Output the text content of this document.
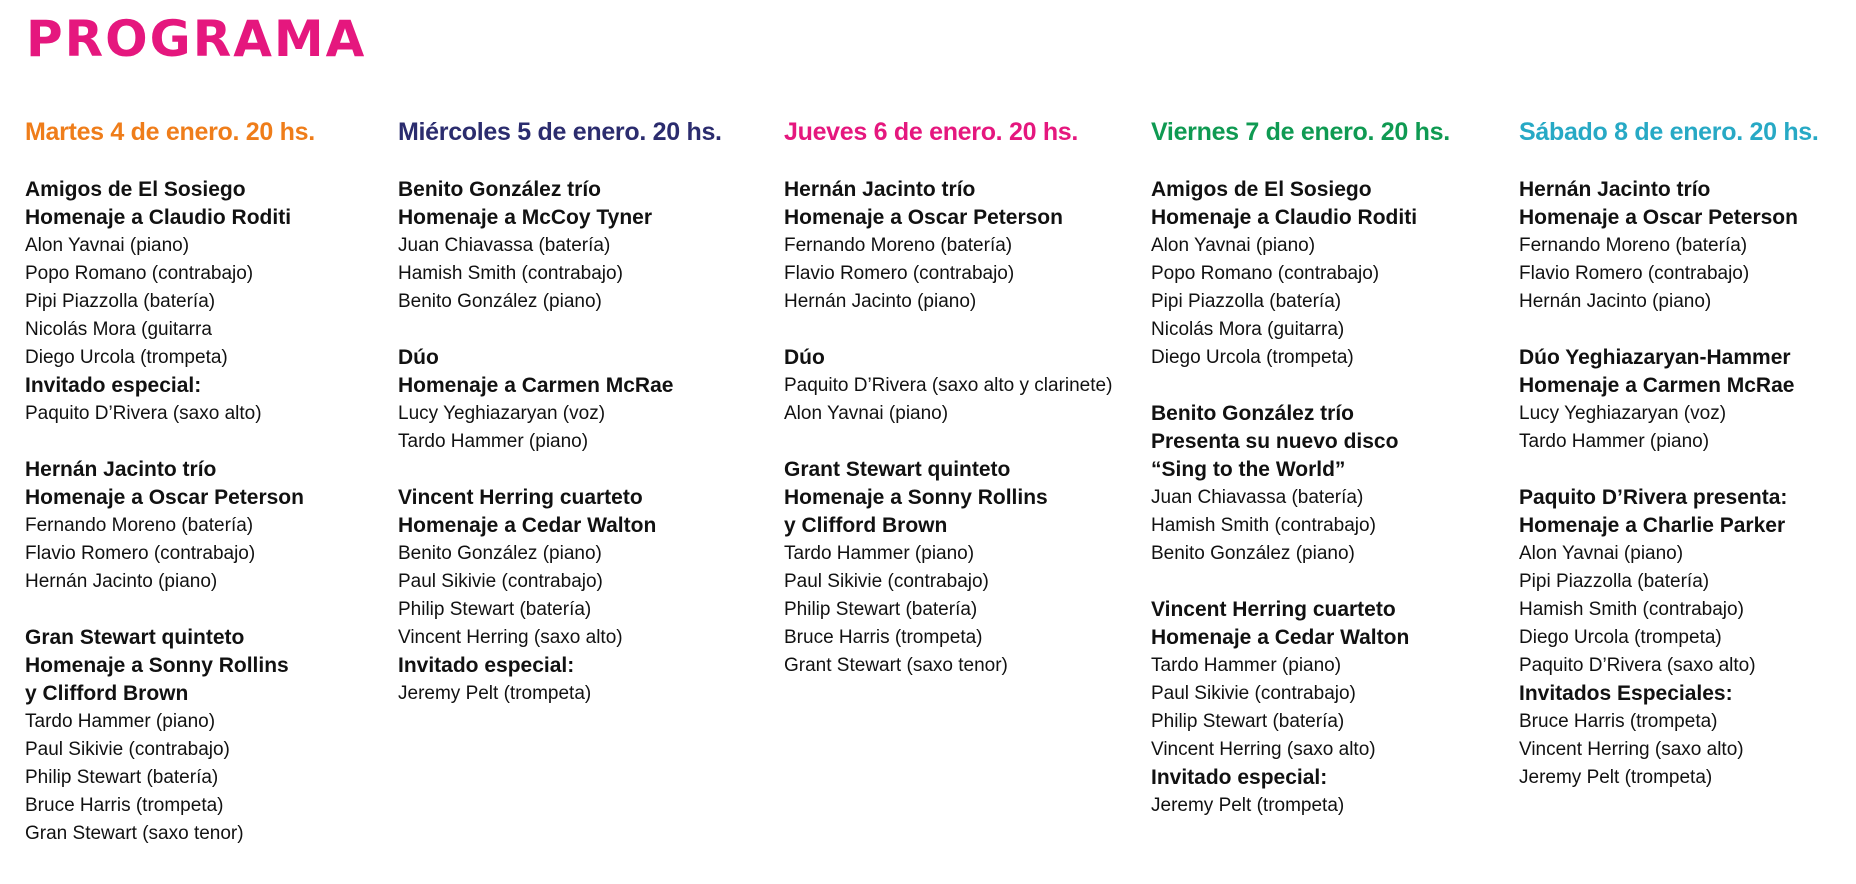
PROGRAMA
Martes 4 de enero. 20 hs.
Amigos de El Sosiego
Homenaje a Claudio Roditi
Alon Yavnai (piano)
Popo Romano (contrabajo)
Pipi Piazzolla (batería)
Nicolás Mora (guitarra
Diego Urcola (trompeta)
Invitado especial:
Paquito D’Rivera (saxo alto)
Hernán Jacinto trío
Homenaje a Oscar Peterson
Fernando Moreno (batería)
Flavio Romero (contrabajo)
Hernán Jacinto (piano)
Gran Stewart quinteto
Homenaje a Sonny Rollins
y Clifford Brown
Tardo Hammer (piano)
Paul Sikivie (contrabajo)
Philip Stewart (batería)
Bruce Harris (trompeta)
Gran Stewart (saxo tenor)
Miércoles 5 de enero. 20 hs.
Benito González trío
Homenaje a McCoy Tyner
Juan Chiavassa (batería)
Hamish Smith (contrabajo)
Benito González (piano)
Dúo
Homenaje a Carmen McRae
Lucy Yeghiazaryan (voz)
Tardo Hammer (piano)
Vincent Herring cuarteto
Homenaje a Cedar Walton
Benito González (piano)
Paul Sikivie (contrabajo)
Philip Stewart (batería)
Vincent Herring (saxo alto)
Invitado especial:
Jeremy Pelt (trompeta)
Jueves 6 de enero. 20 hs.
Hernán Jacinto trío
Homenaje a Oscar Peterson
Fernando Moreno (batería)
Flavio Romero (contrabajo)
Hernán Jacinto (piano)
Dúo
Paquito D’Rivera (saxo alto y clarinete)
Alon Yavnai (piano)
Grant Stewart quinteto
Homenaje a Sonny Rollins
y Clifford Brown
Tardo Hammer (piano)
Paul Sikivie (contrabajo)
Philip Stewart (batería)
Bruce Harris (trompeta)
Grant Stewart (saxo tenor)
Viernes 7 de enero. 20 hs.
Amigos de El Sosiego
Homenaje a Claudio Roditi
Alon Yavnai (piano)
Popo Romano (contrabajo)
Pipi Piazzolla (batería)
Nicolás Mora (guitarra)
Diego Urcola (trompeta)
Benito González trío
Presenta su nuevo disco
“Sing to the World”
Juan Chiavassa (batería)
Hamish Smith (contrabajo)
Benito González (piano)
Vincent Herring cuarteto
Homenaje a Cedar Walton
Tardo Hammer (piano)
Paul Sikivie (contrabajo)
Philip Stewart (batería)
Vincent Herring (saxo alto)
Invitado especial:
Jeremy Pelt (trompeta)
Sábado 8 de enero. 20 hs.
Hernán Jacinto trío
Homenaje a Oscar Peterson
Fernando Moreno (batería)
Flavio Romero (contrabajo)
Hernán Jacinto (piano)
Dúo Yeghiazaryan-Hammer
Homenaje a Carmen McRae
Lucy Yeghiazaryan (voz)
Tardo Hammer (piano)
Paquito D’Rivera presenta:
Homenaje a Charlie Parker
Alon Yavnai (piano)
Pipi Piazzolla (batería)
Hamish Smith (contrabajo)
Diego Urcola (trompeta)
Paquito D’Rivera (saxo alto)
Invitados Especiales:
Bruce Harris (trompeta)
Vincent Herring (saxo alto)
Jeremy Pelt (trompeta)
